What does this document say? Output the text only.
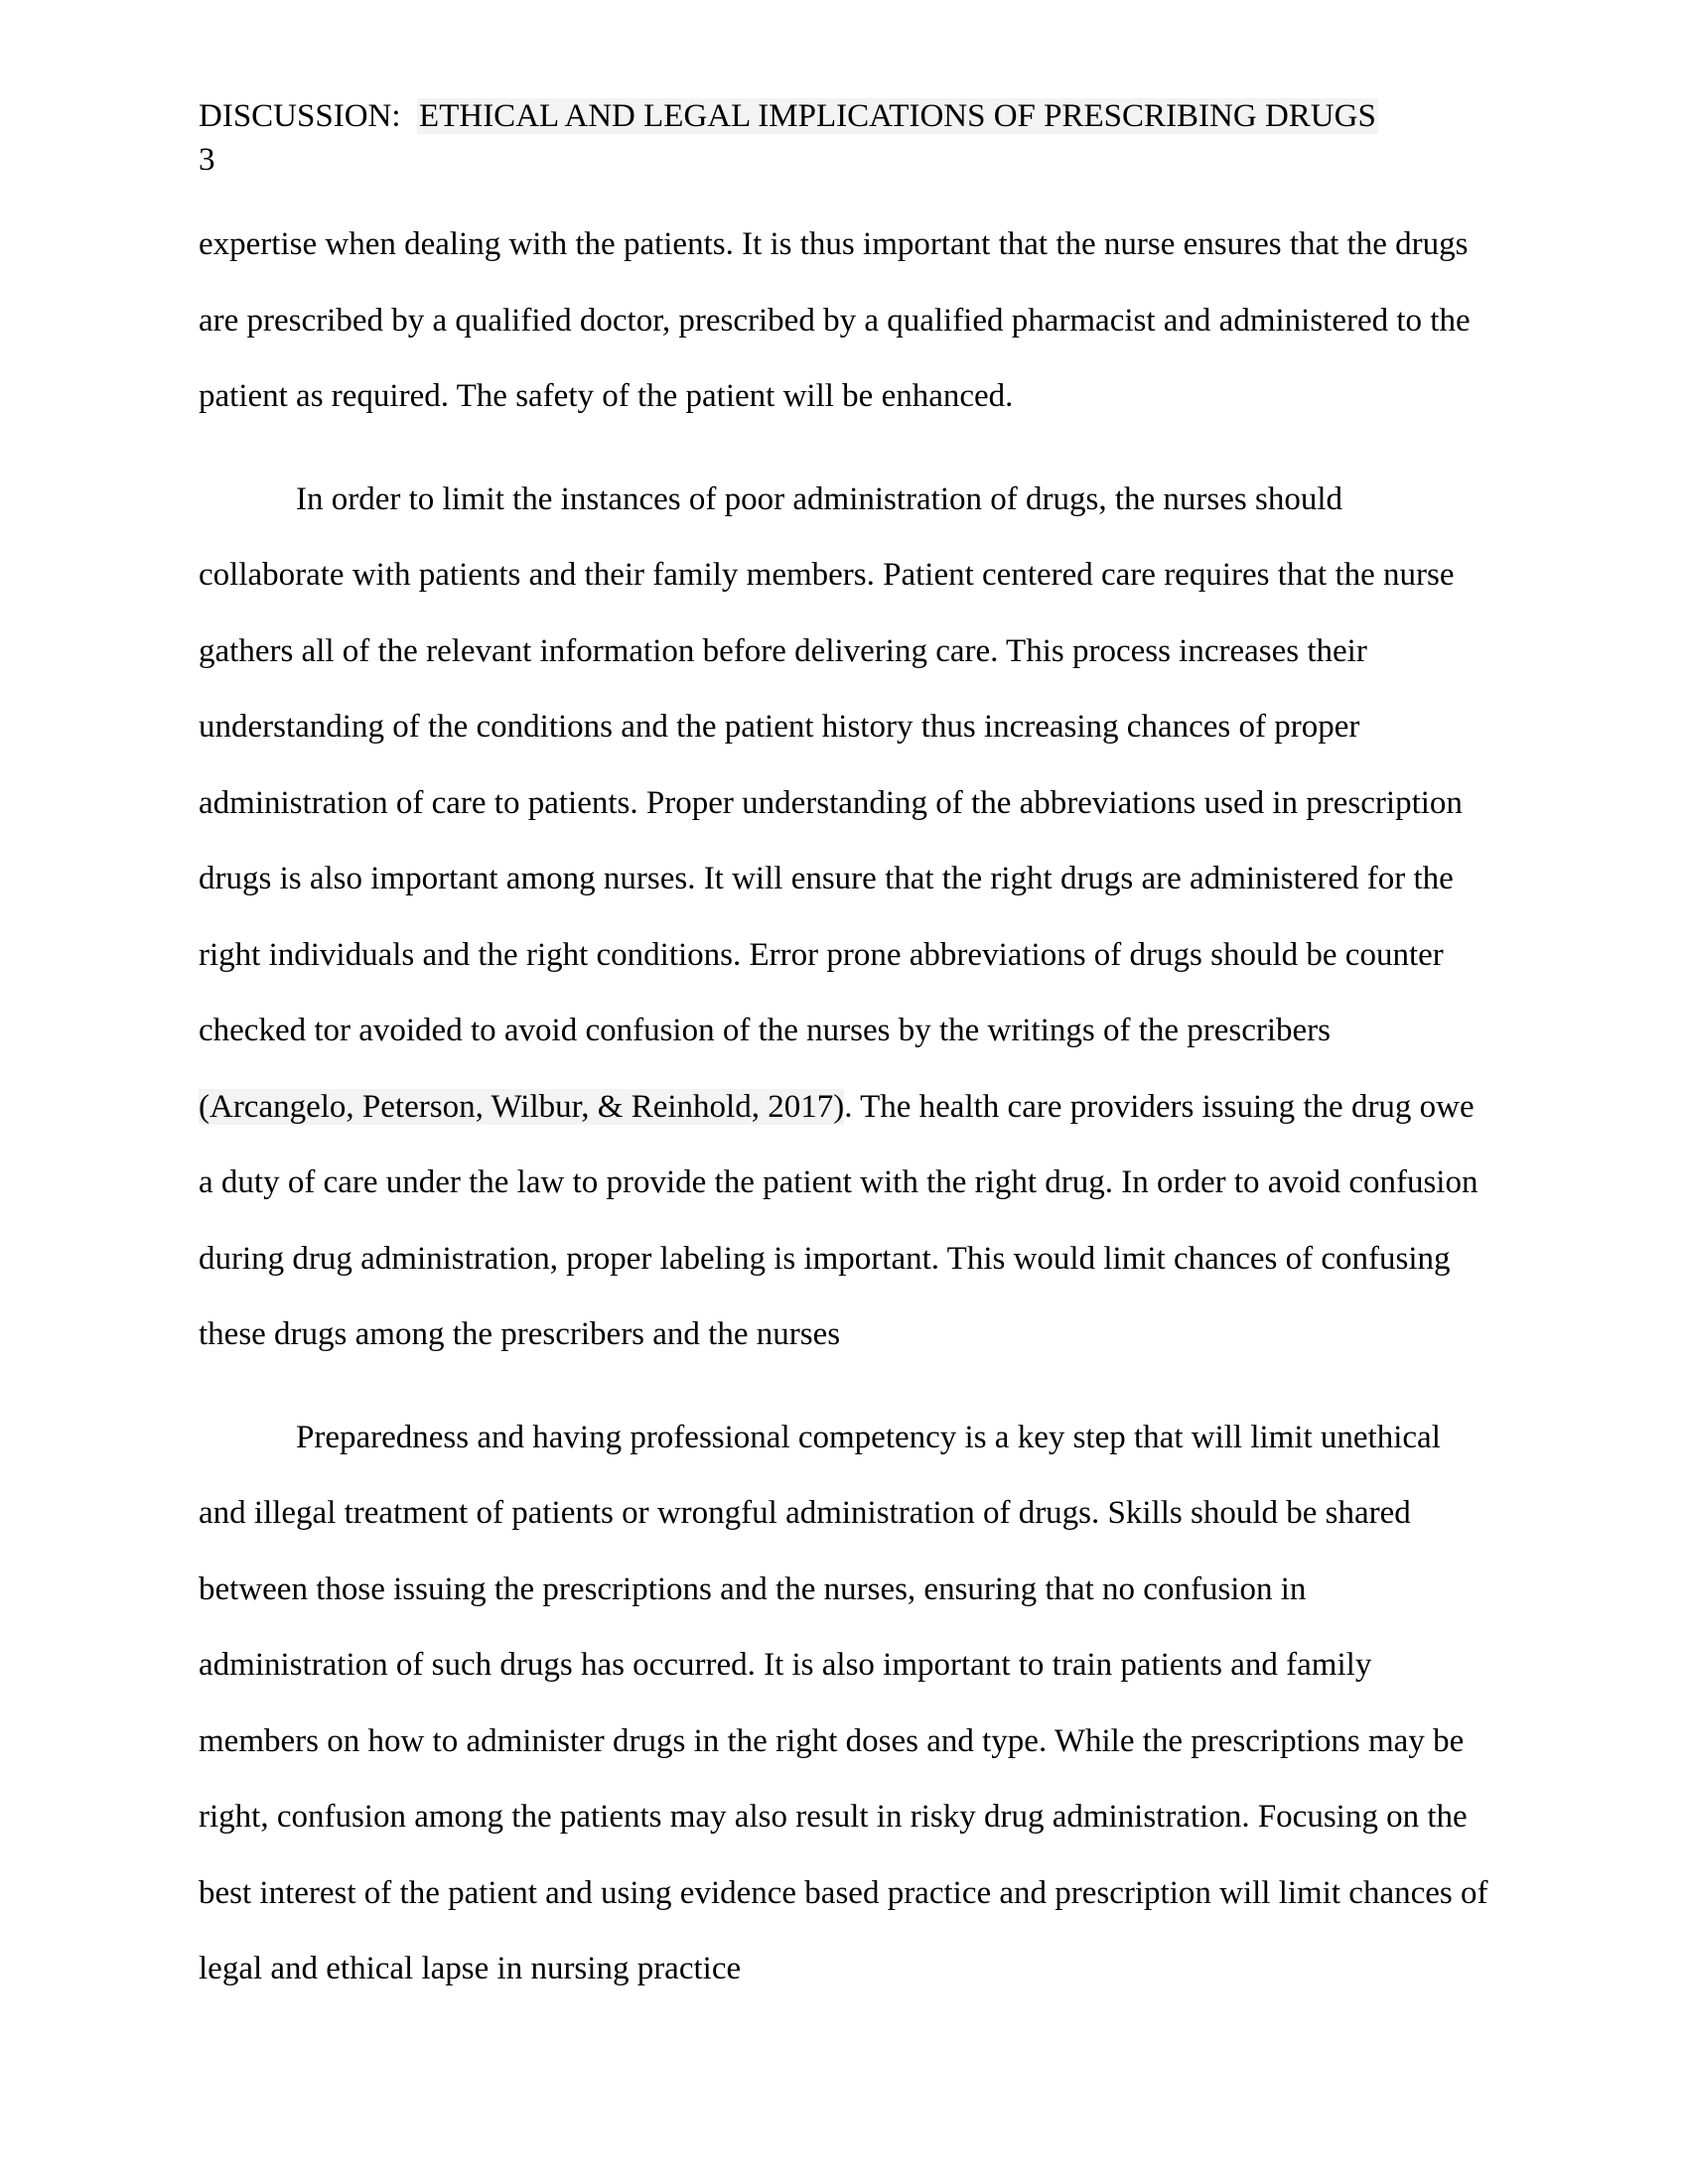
DISCUSSION: ETHICAL AND LEGAL IMPLICATIONS OF PRESCRIBING DRUGS
3

expertise when dealing with the patients. It is thus important that the nurse ensures that the drugs are prescribed by a qualified doctor, prescribed by a qualified pharmacist and administered to the patient as required. The safety of the patient will be enhanced.

In order to limit the instances of poor administration of drugs, the nurses should collaborate with patients and their family members. Patient centered care requires that the nurse gathers all of the relevant information before delivering care. This process increases their understanding of the conditions and the patient history thus increasing chances of proper administration of care to patients. Proper understanding of the abbreviations used in prescription drugs is also important among nurses. It will ensure that the right drugs are administered for the right individuals and the right conditions. Error prone abbreviations of drugs should be counter checked tor avoided to avoid confusion of the nurses by the writings of the prescribers (Arcangelo, Peterson, Wilbur, & Reinhold, 2017). The health care providers issuing the drug owe a duty of care under the law to provide the patient with the right drug. In order to avoid confusion during drug administration, proper labeling is important. This would limit chances of confusing these drugs among the prescribers and the nurses

Preparedness and having professional competency is a key step that will limit unethical and illegal treatment of patients or wrongful administration of drugs. Skills should be shared between those issuing the prescriptions and the nurses, ensuring that no confusion in administration of such drugs has occurred. It is also important to train patients and family members on how to administer drugs in the right doses and type. While the prescriptions may be right, confusion among the patients may also result in risky drug administration. Focusing on the best interest of the patient and using evidence based practice and prescription will limit chances of legal and ethical lapse in nursing practice
